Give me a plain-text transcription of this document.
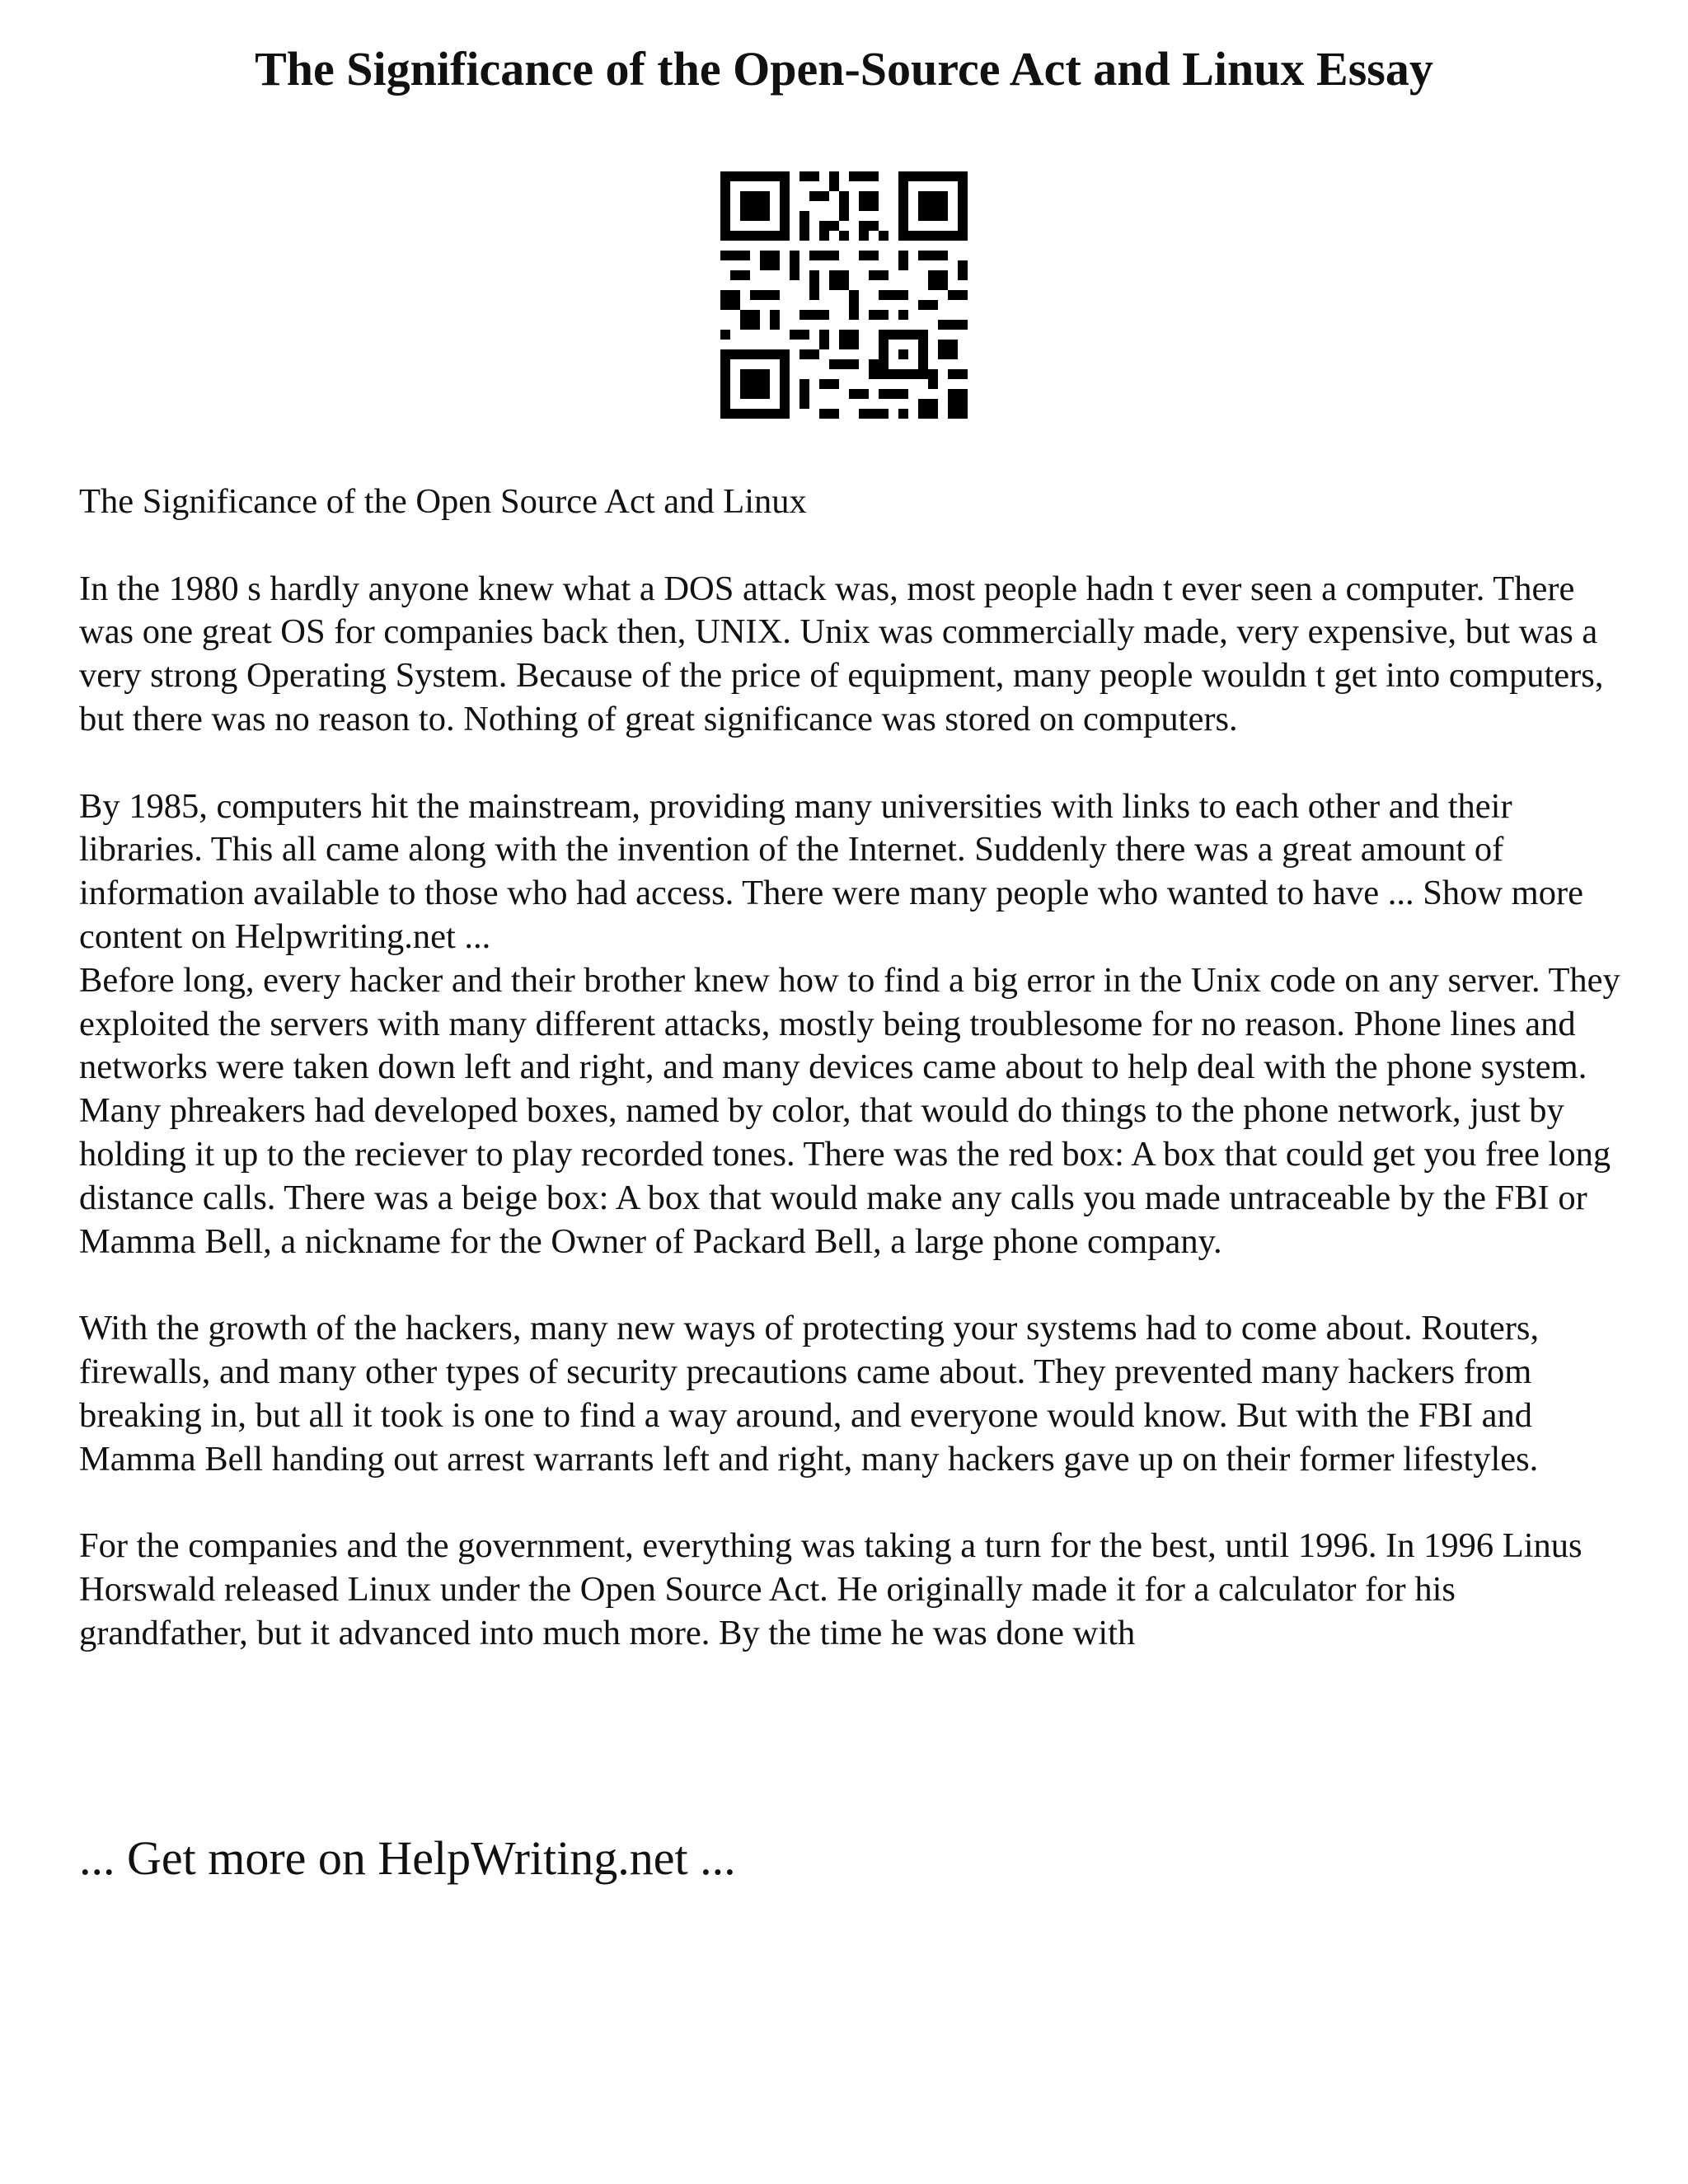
The Significance of the Open-Source Act and Linux Essay

The Significance of the Open Source Act and Linux

In the 1980 s hardly anyone knew what a DOS attack was, most people hadn t ever seen a computer. There was one great OS for companies back then, UNIX. Unix was commercially made, very expensive, but was a very strong Operating System. Because of the price of equipment, many people wouldn t get into computers, but there was no reason to. Nothing of great significance was stored on computers.

By 1985, computers hit the mainstream, providing many universities with links to each other and their libraries. This all came along with the invention of the Internet. Suddenly there was a great amount of information available to those who had access. There were many people who wanted to have ... Show more content on Helpwriting.net ...

Before long, every hacker and their brother knew how to find a big error in the Unix code on any server. They exploited the servers with many different attacks, mostly being troublesome for no reason. Phone lines and networks were taken down left and right, and many devices came about to help deal with the phone system. Many phreakers had developed boxes, named by color, that would do things to the phone network, just by holding it up to the reciever to play recorded tones. There was the red box: A box that could get you free long distance calls. There was a beige box: A box that would make any calls you made untraceable by the FBI or Mamma Bell, a nickname for the Owner of Packard Bell, a large phone company.

With the growth of the hackers, many new ways of protecting your systems had to come about. Routers, firewalls, and many other types of security precautions came about. They prevented many hackers from breaking in, but all it took is one to find a way around, and everyone would know. But with the FBI and Mamma Bell handing out arrest warrants left and right, many hackers gave up on their former lifestyles.

For the companies and the government, everything was taking a turn for the best, until 1996. In 1996 Linus Horswald released Linux under the Open Source Act. He originally made it for a calculator for his grandfather, but it advanced into much more. By the time he was done with

... Get more on HelpWriting.net ...
